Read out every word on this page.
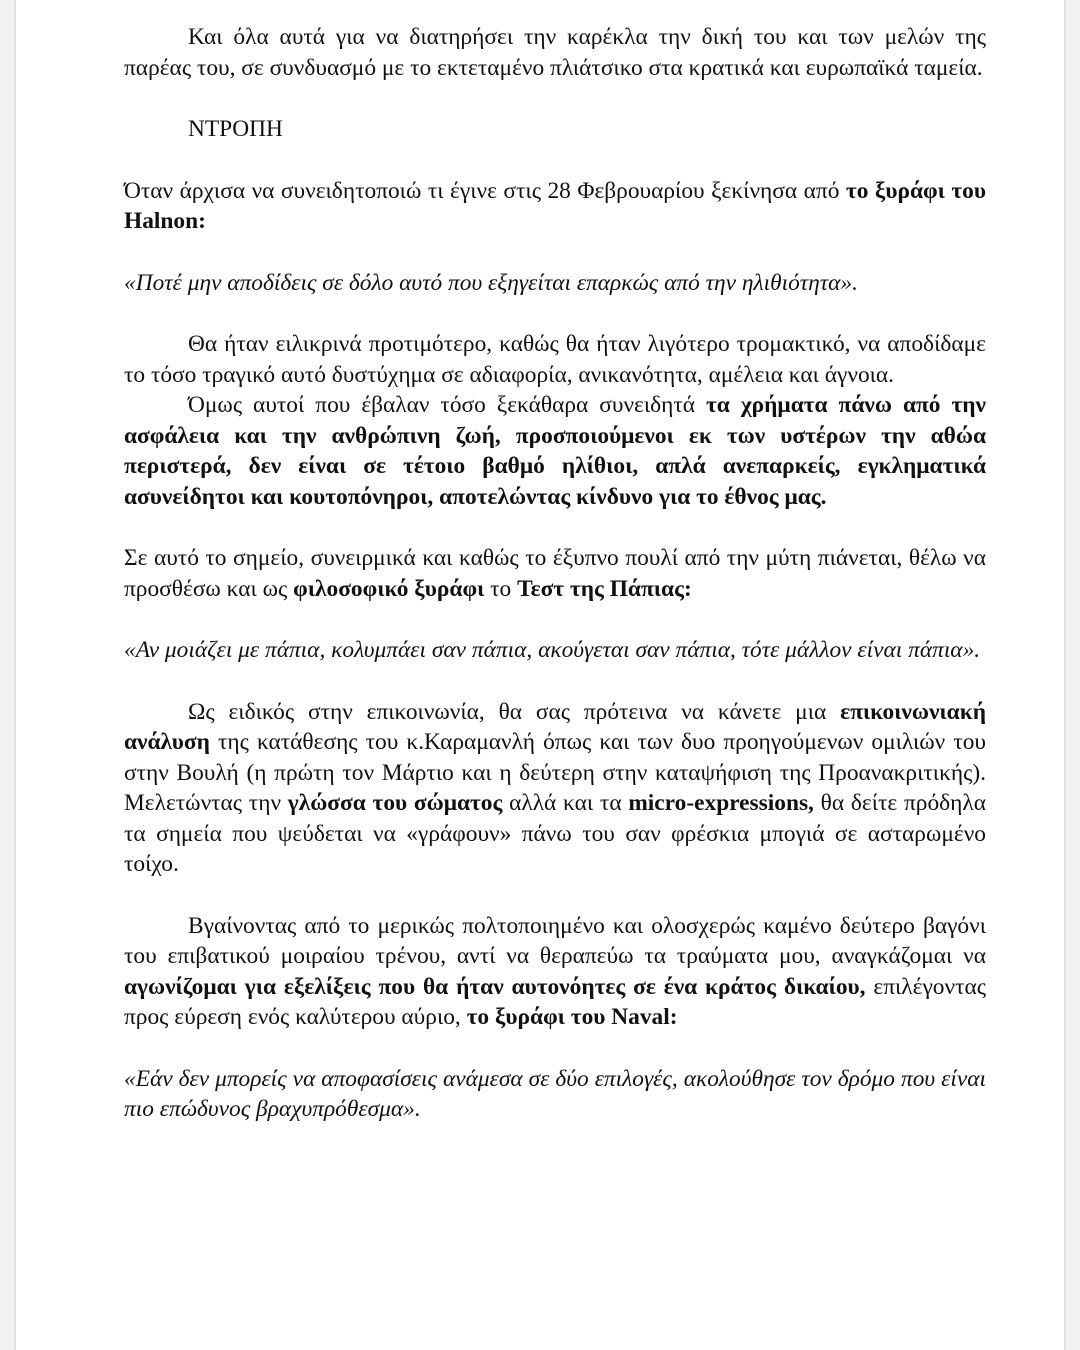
Και όλα αυτά για να διατηρήσει την καρέκλα την δική του και των μελών της παρέας του, σε συνδυασμό με το εκτεταμένο πλιάτσικο στα κρατικά και ευρωπαϊκά ταμεία.

ΝΤΡΟΠΗ

Όταν άρχισα να συνειδητοποιώ τι έγινε στις 28 Φεβρουαρίου ξεκίνησα από το ξυράφι του Halnon:

«Ποτέ μην αποδίδεις σε δόλο αυτό που εξηγείται επαρκώς από την ηλιθιότητα».

Θα ήταν ειλικρινά προτιμότερο, καθώς θα ήταν λιγότερο τρομακτικό, να αποδίδαμε το τόσο τραγικό αυτό δυστύχημα σε αδιαφορία, ανικανότητα, αμέλεια και άγνοια.

Όμως αυτοί που έβαλαν τόσο ξεκάθαρα συνειδητά τα χρήματα πάνω από την ασφάλεια και την ανθρώπινη ζωή, προσποιούμενοι εκ των υστέρων την αθώα περιστερά, δεν είναι σε τέτοιο βαθμό ηλίθιοι, απλά ανεπαρκείς, εγκληματικά ασυνείδητοι και κουτοπόνηροι, αποτελώντας κίνδυνο για το έθνος μας.

Σε αυτό το σημείο, συνειρμικά και καθώς το έξυπνο πουλί από την μύτη πιάνεται, θέλω να προσθέσω και ως φιλοσοφικό ξυράφι το Τεστ της Πάπιας:

«Αν μοιάζει με πάπια, κολυμπάει σαν πάπια, ακούγεται σαν πάπια, τότε μάλλον είναι πάπια».

Ως ειδικός στην επικοινωνία, θα σας πρότεινα να κάνετε μια επικοινωνιακή ανάλυση της κατάθεσης του κ.Καραμανλή όπως και των δυο προηγούμενων ομιλιών του στην Βουλή (η πρώτη τον Μάρτιο και η δεύτερη στην καταψήφιση της Προανακριτικής). Μελετώντας την γλώσσα του σώματος αλλά και τα micro-expressions, θα δείτε πρόδηλα τα σημεία που ψεύδεται να «γράφουν» πάνω του σαν φρέσκια μπογιά σε ασταρωμένο τοίχο.

Βγαίνοντας από το μερικώς πολτοποιημένο και ολοσχερώς καμένο δεύτερο βαγόνι του επιβατικού μοιραίου τρένου, αντί να θεραπεύω τα τραύματα μου, αναγκάζομαι να αγωνίζομαι για εξελίξεις που θα ήταν αυτονόητες σε ένα κράτος δικαίου, επιλέγοντας προς εύρεση ενός καλύτερου αύριο, το ξυράφι του Naval:

«Εάν δεν μπορείς να αποφασίσεις ανάμεσα σε δύο επιλογές, ακολούθησε τον δρόμο που είναι πιο επώδυνος βραχυπρόθεσμα».
